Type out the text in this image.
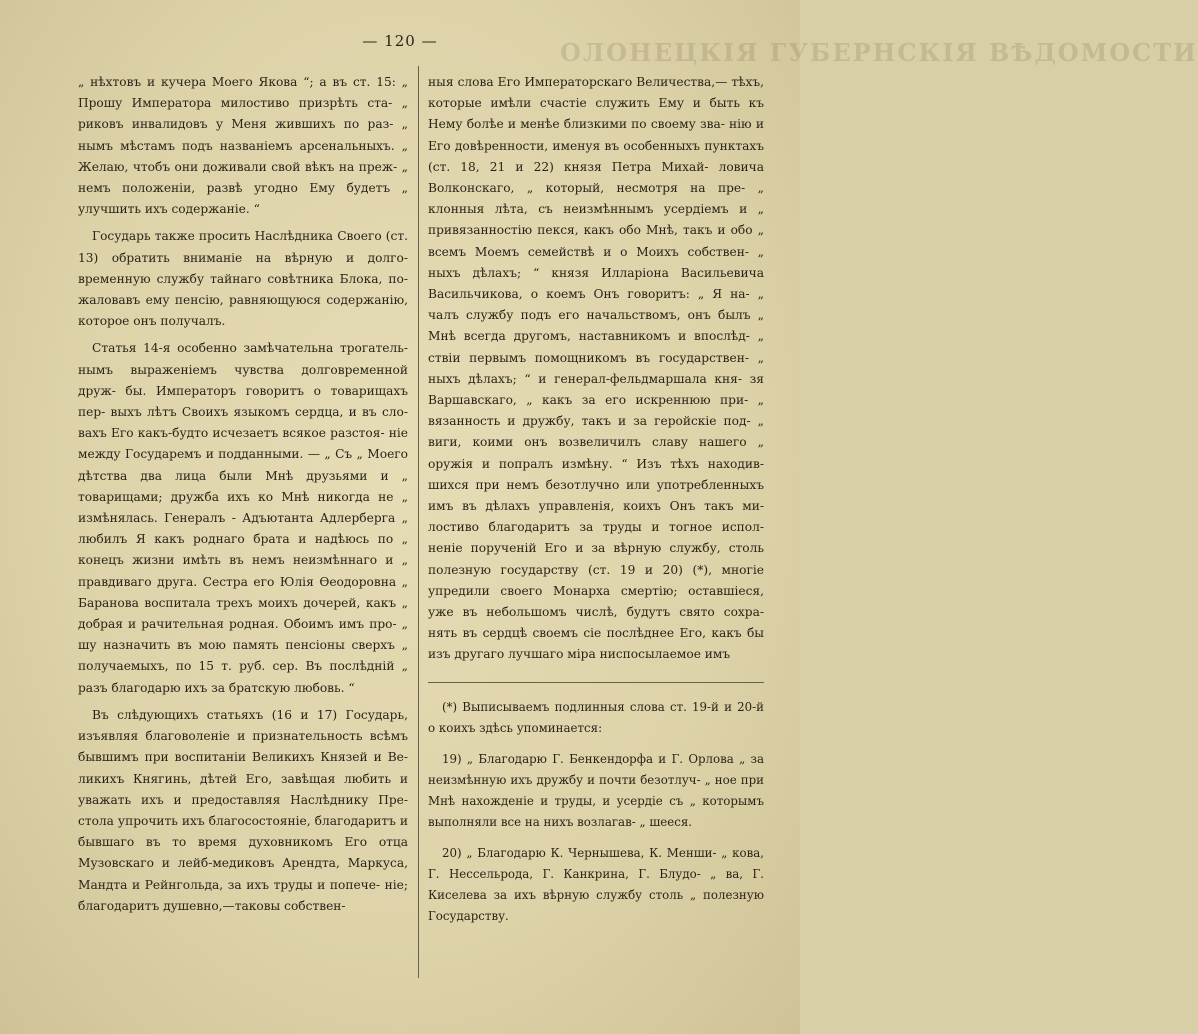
— 120 —	ОЛОНЕЦКІЯ ГУБЕРНСКІЯ ВѢДОМОСТИ

„ нѣхтовъ и кучера Моего Якова “; а въ ст. 15: „ Прошу Императора милостиво призрѣть ста- „ риковъ инвалидовъ у Меня жившихъ по раз- „ нымъ мѣстамъ подъ названіемъ арсенальныхъ. „ Желаю, чтобъ они доживали свой вѣкъ на преж- „ немъ положеніи, развѣ угодно Ему будетъ „ улучшить ихъ содержаніе. “

Государь также просить Наслѣдника Своего (ст. 13) обратить вниманіе на вѣрную и долго- временную службу тайнаго совѣтника Блока, по- жаловавъ ему пенсію, равняющуюся содержанію, которое онъ получалъ.

Статья 14-я особенно замѣчательна трогатель- нымъ выраженіемъ чувства долговременной друж- бы. Императоръ говоритъ о товарищахъ пер- выхъ лѣтъ Своихъ языкомъ сердца, и въ сло- вахъ Его какъ-будто исчезаетъ всякое разстоя- ніе между Государемъ и подданными. — „ Съ „ Моего дѣтства два лица были Мнѣ друзьями и „ товарищами; дружба ихъ ко Мнѣ никогда не „ измѣнялась. Генералъ - Адъютанта Адлерберга „ любилъ Я какъ роднаго брата и надѣюсь по „ конецъ жизни имѣть въ немъ неизмѣннаго и „ правдиваго друга. Сестра его Юлія Ѳеодоровна „ Баранова воспитала трехъ моихъ дочерей, какъ „ добрая и рачительная родная. Обоимъ имъ про- „ шу назначить въ мою память пенсіоны сверхъ „ получаемыхъ, по 15 т. руб. сер. Въ послѣдній „ разъ благодарю ихъ за братскую любовь. “

Въ слѣдующихъ статьяхъ (16 и 17) Государь, изъявляя благоволеніе и признательность всѣмъ бывшимъ при воспитаніи Великихъ Князей и Ве- ликихъ Княгинь, дѣтей Его, завѣщая любить и уважать ихъ и предоставляя Наслѣднику Пре- стола упрочить ихъ благосостояніе, благодаритъ и бывшаго въ то время духовникомъ Его отца Музовскаго и лейб-медиковъ Арендта, Маркуса, Мандта и Рейнгольда, за ихъ труды и попече- ніе; благодаритъ душевно,—таковы собствен-

ныя слова Его Императорскаго Величества,— тѣхъ, которые имѣли счастіе служить Ему и быть къ Нему болѣе и менѣе близкими по своему зва- нію и Его довѣренности, именуя въ особенныхъ пунктахъ (ст. 18, 21 и 22) князя Петра Михай- ловича Волконскаго, „ который, несмотря на пре- „ клонныя лѣта, съ неизмѣннымъ усердіемъ и „ привязанностію пекся, какъ обо Мнѣ, такъ и обо „ всемъ Моемъ семействѣ и о Моихъ собствен- „ ныхъ дѣлахъ; “ князя Илларіона Васильевича Васильчикова, о коемъ Онъ говоритъ: „ Я на- „ чалъ службу подъ его начальствомъ, онъ былъ „ Мнѣ всегда другомъ, наставникомъ и впослѣд- „ ствіи первымъ помощникомъ въ государствен- „ ныхъ дѣлахъ; “ и генерал-фельдмаршала кня- зя Варшавскаго, „ какъ за его искреннюю при- „ вязанность и дружбу, такъ и за геройскіе под- „ виги, коими онъ возвеличилъ славу нашего „ оружія и попралъ измѣну. “ Изъ тѣхъ находив- шихся при немъ безотлучно или употребленныхъ имъ въ дѣлахъ управленія, коихъ Онъ такъ ми- лостиво благодаритъ за труды и тогное испол- неніе порученій Его и за вѣрную службу, столь полезную государству (ст. 19 и 20) (*), многіе упредили своего Монарха смертію; оставшіеся, уже въ небольшомъ числѣ, будутъ свято сохра- нять въ сердцѣ своемъ сіе послѣднее Его, какъ бы изъ другаго лучшаго міра ниспосылаемое имъ

(*) Выписываемъ подлинныя слова ст. 19-й и 20-й о коихъ здѣсь упоминается:

19) „ Благодарю Г. Бенкендорфа и Г. Орлова „ за неизмѣнную ихъ дружбу и почти безотлуч- „ ное при Мнѣ нахожденіе и труды, и усердіе съ „ которымъ выполняли все на нихъ возлагав- „ шееся.

20) „ Благодарю К. Чернышева, К. Менши- „ кова, Г. Нессельрода, Г. Канкрина, Г. Блудо- „ ва, Г. Киселева за ихъ вѣрную службу столь „ полезную Государству.
